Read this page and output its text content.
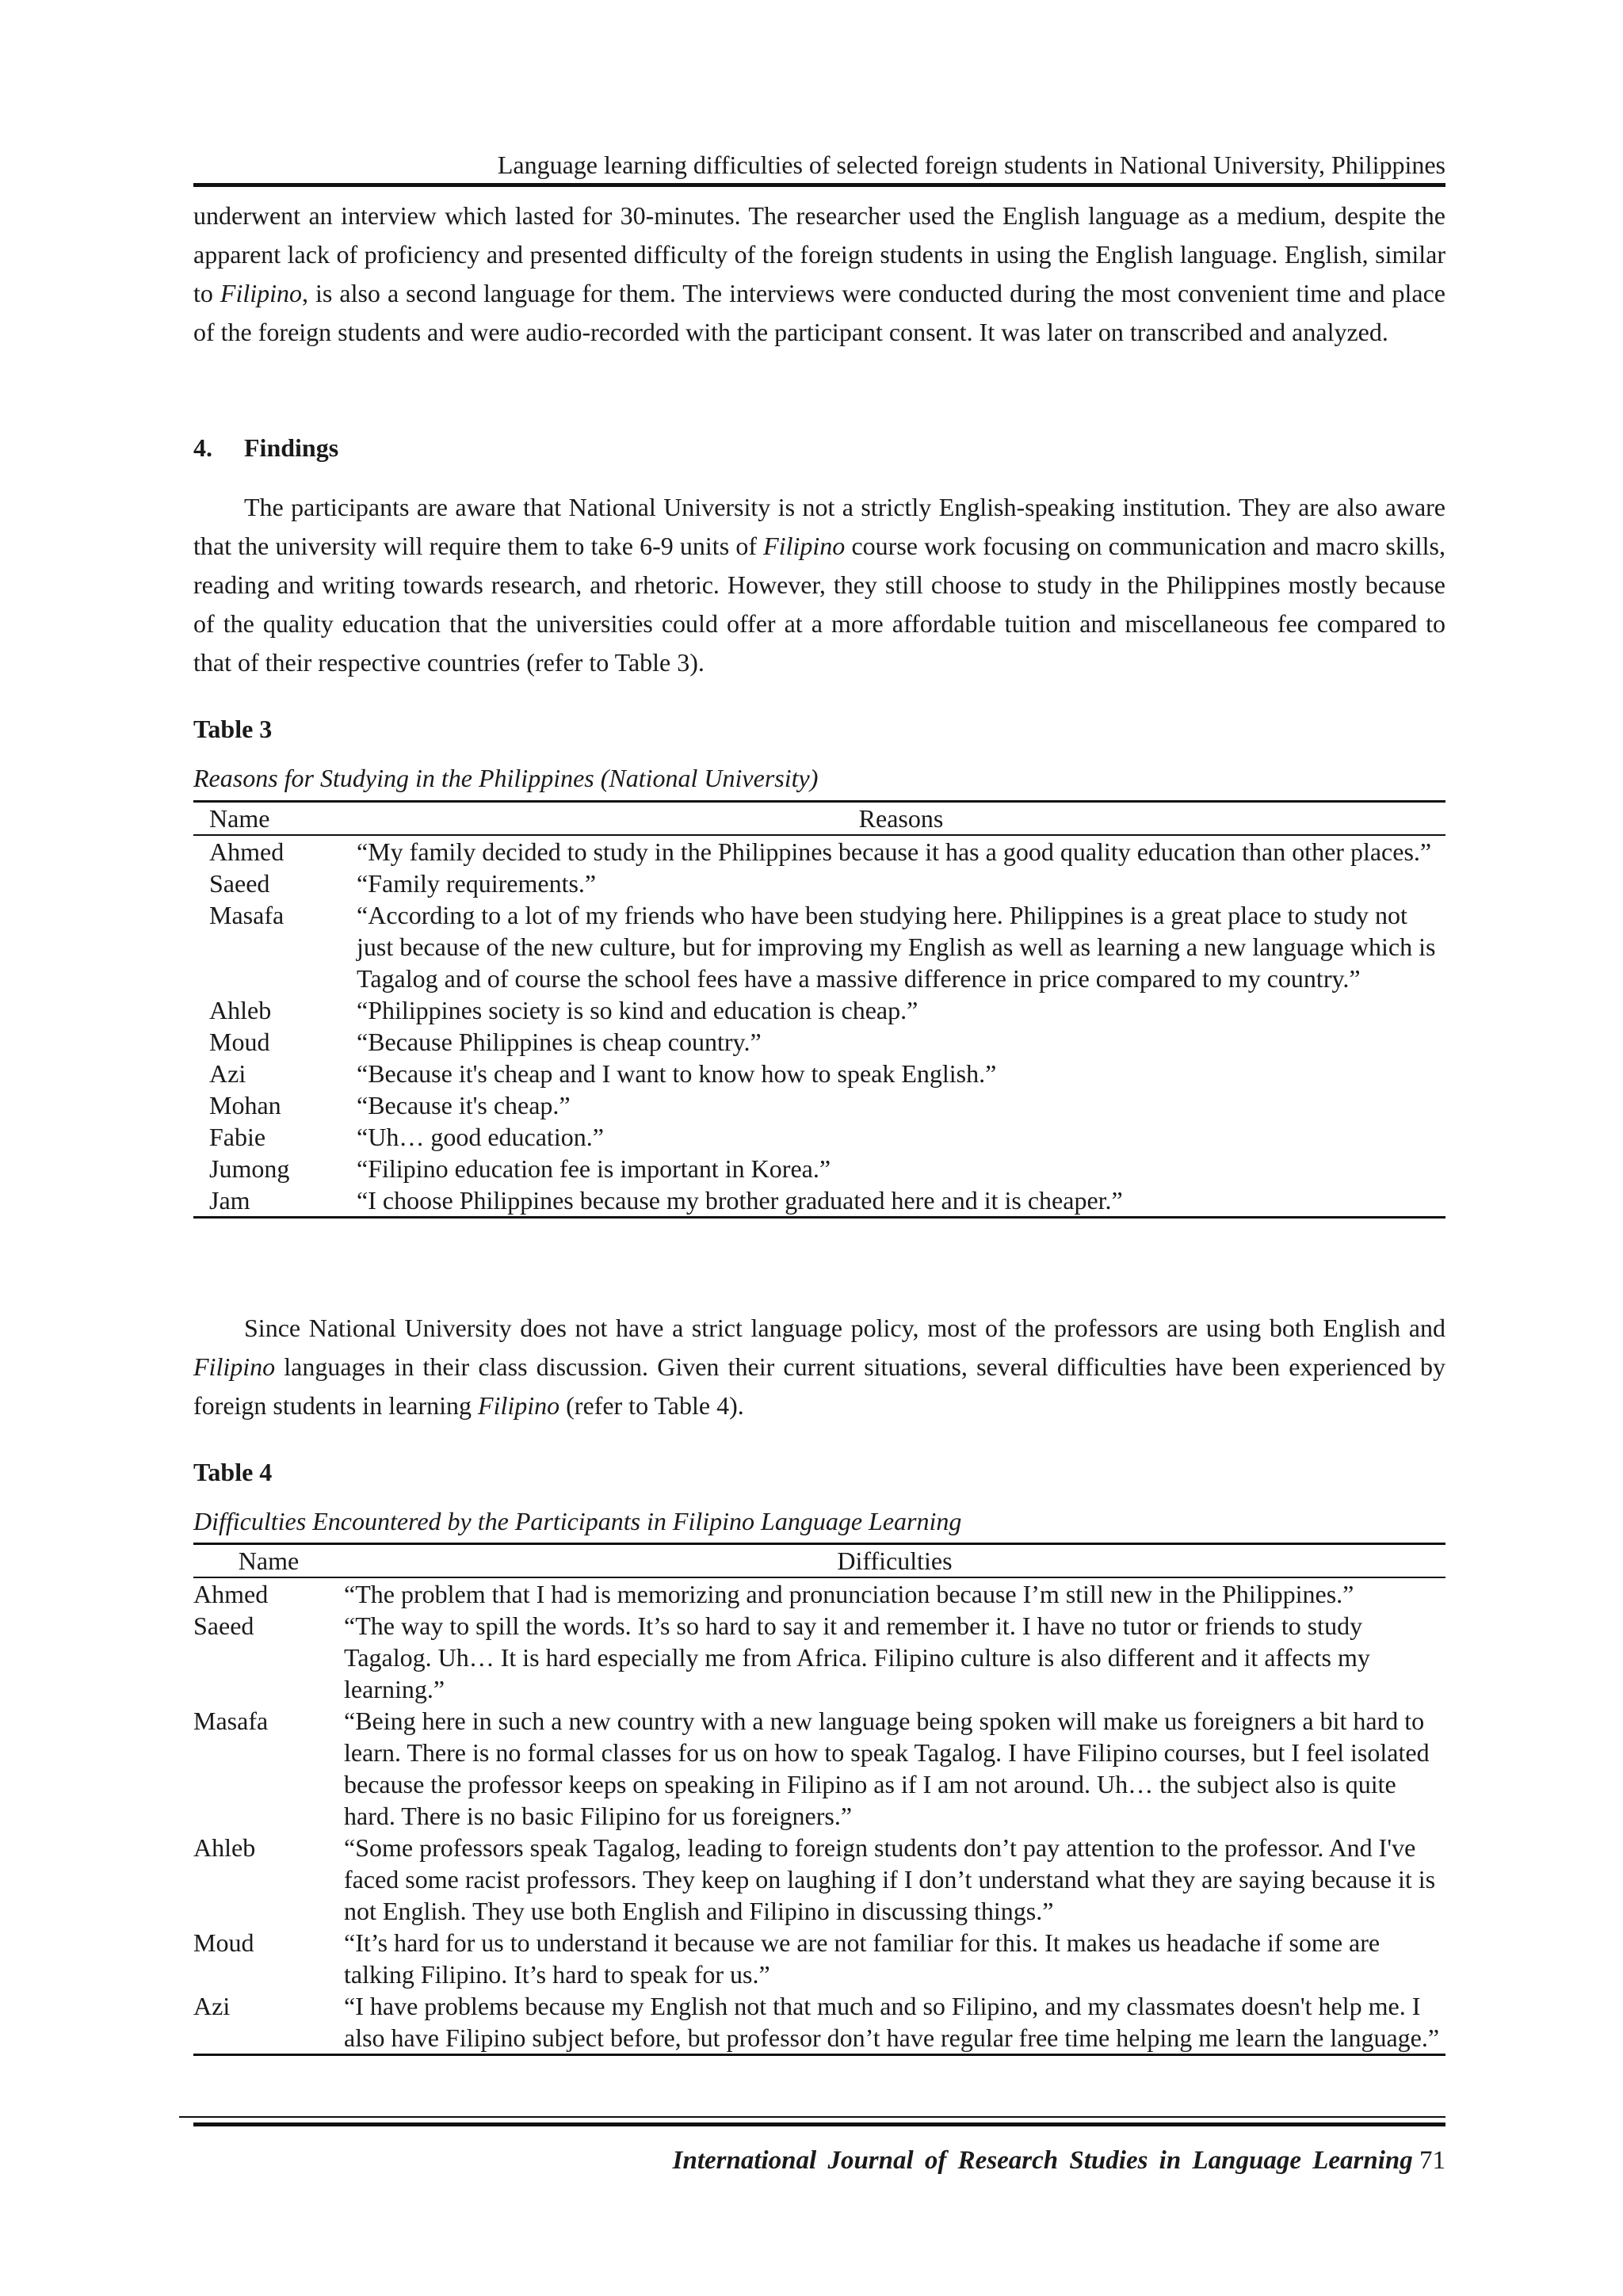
Language learning difficulties of selected foreign students in National University, Philippines

underwent an interview which lasted for 30-minutes. The researcher used the English language as a medium, despite the apparent lack of proficiency and presented difficulty of the foreign students in using the English language. English, similar to Filipino, is also a second language for them. The interviews were conducted during the most convenient time and place of the foreign students and were audio-recorded with the participant consent. It was later on transcribed and analyzed.

4. Findings

The participants are aware that National University is not a strictly English-speaking institution. They are also aware that the university will require them to take 6-9 units of Filipino course work focusing on communication and macro skills, reading and writing towards research, and rhetoric. However, they still choose to study in the Philippines mostly because of the quality education that the universities could offer at a more affordable tuition and miscellaneous fee compared to that of their respective countries (refer to Table 3).

Table 3
Reasons for Studying in the Philippines (National University)
Name	Reasons
Ahmed	“My family decided to study in the Philippines because it has a good quality education than other places.”
Saeed	“Family requirements.”
Masafa	“According to a lot of my friends who have been studying here. Philippines is a great place to study not just because of the new culture, but for improving my English as well as learning a new language which is Tagalog and of course the school fees have a massive difference in price compared to my country.”
Ahleb	“Philippines society is so kind and education is cheap.”
Moud	“Because Philippines is cheap country.”
Azi	“Because it's cheap and I want to know how to speak English.”
Mohan	“Because it's cheap.”
Fabie	“Uh… good education.”
Jumong	“Filipino education fee is important in Korea.”
Jam	“I choose Philippines because my brother graduated here and it is cheaper.”

Since National University does not have a strict language policy, most of the professors are using both English and Filipino languages in their class discussion. Given their current situations, several difficulties have been experienced by foreign students in learning Filipino (refer to Table 4).

Table 4
Difficulties Encountered by the Participants in Filipino Language Learning
Name	Difficulties
Ahmed	“The problem that I had is memorizing and pronunciation because I’m still new in the Philippines.”
Saeed	“The way to spill the words. It’s so hard to say it and remember it. I have no tutor or friends to study Tagalog. Uh… It is hard especially me from Africa. Filipino culture is also different and it affects my learning.”
Masafa	“Being here in such a new country with a new language being spoken will make us foreigners a bit hard to learn. There is no formal classes for us on how to speak Tagalog. I have Filipino courses, but I feel isolated because the professor keeps on speaking in Filipino as if I am not around. Uh… the subject also is quite hard. There is no basic Filipino for us foreigners.”
Ahleb	“Some professors speak Tagalog, leading to foreign students don’t pay attention to the professor. And I've faced some racist professors. They keep on laughing if I don’t understand what they are saying because it is not English. They use both English and Filipino in discussing things.”
Moud	“It’s hard for us to understand it because we are not familiar for this. It makes us headache if some are talking Filipino. It’s hard to speak for us.”
Azi	“I have problems because my English not that much and so Filipino, and my classmates doesn't help me. I also have Filipino subject before, but professor don’t have regular free time helping me learn the language.”
International Journal of Research Studies in Language Learning 71
